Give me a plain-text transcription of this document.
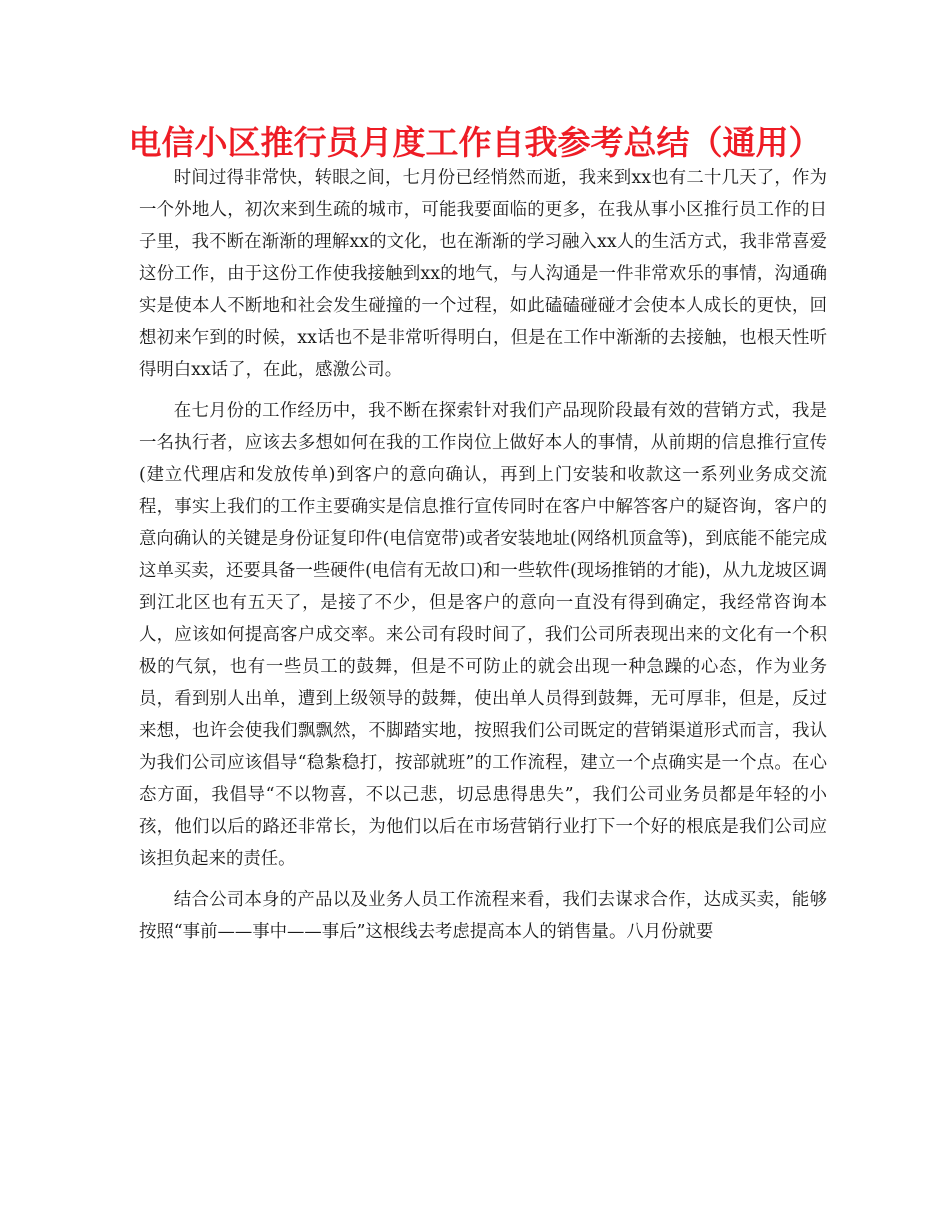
电信小区推行员月度工作自我参考总结（通用）

时间过得非常快，转眼之间，七月份已经悄然而逝，我来到xx也有二十几天了，作为一个外地人，初次来到生疏的城市，可能我要面临的更多，在我从事小区推行员工作的日子里，我不断在渐渐的理解xx的文化，也在渐渐的学习融入xx人的生活方式，我非常喜爱这份工作，由于这份工作使我接触到xx的地气，与人沟通是一件非常欢乐的事情，沟通确实是使本人不断地和社会发生碰撞的一个过程，如此磕磕碰碰才会使本人成长的更快，回想初来乍到的时候，xx话也不是非常听得明白，但是在工作中渐渐的去接触，也根天性听得明白xx话了，在此，感激公司。

在七月份的工作经历中，我不断在探索针对我们产品现阶段最有效的营销方式，我是一名执行者，应该去多想如何在我的工作岗位上做好本人的事情，从前期的信息推行宣传(建立代理店和发放传单)到客户的意向确认，再到上门安装和收款这一系列业务成交流程，事实上我们的工作主要确实是信息推行宣传同时在客户中解答客户的疑咨询，客户的意向确认的关键是身份证复印件(电信宽带)或者安装地址(网络机顶盒等)，到底能不能完成这单买卖，还要具备一些硬件(电信有无故口)和一些软件(现场推销的才能)，从九龙坡区调到江北区也有五天了，是接了不少，但是客户的意向一直没有得到确定，我经常咨询本人，应该如何提高客户成交率。来公司有段时间了，我们公司所表现出来的文化有一个积极的气氛，也有一些员工的鼓舞，但是不可防止的就会出现一种急躁的心态，作为业务员，看到别人出单，遭到上级领导的鼓舞，使出单人员得到鼓舞，无可厚非，但是，反过来想，也许会使我们飘飘然，不脚踏实地，按照我们公司既定的营销渠道形式而言，我认为我们公司应该倡导“稳紮稳打，按部就班”的工作流程，建立一个点确实是一个点。在心态方面，我倡导“不以物喜，不以己悲，切忌患得患失”，我们公司业务员都是年轻的小孩，他们以后的路还非常长，为他们以后在市场营销行业打下一个好的根底是我们公司应该担负起来的责任。

结合公司本身的产品以及业务人员工作流程来看，我们去谋求合作，达成买卖，能够按照“事前——事中——事后”这根线去考虑提高本人的销售量。八月份就要
